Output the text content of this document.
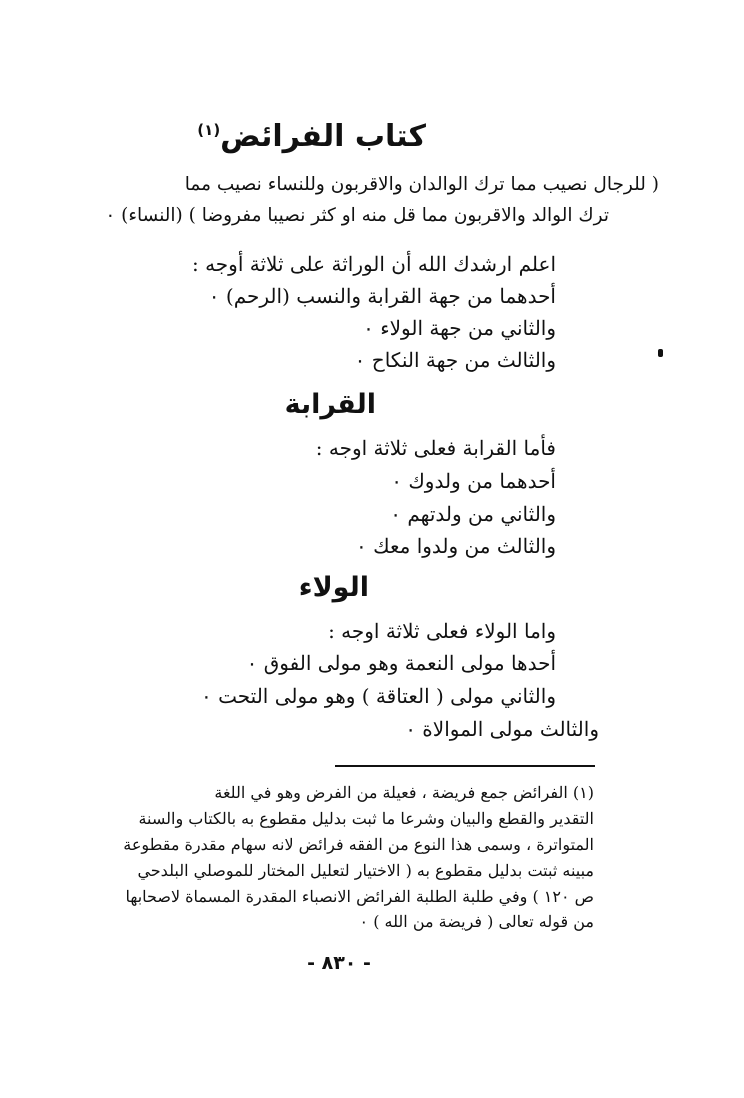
كتاب الفرائض$^{(١)}$
( للرجال نصيب مما ترك الوالدان والاقربون وللنساء نصيب مما
ترك الوالد والاقربون مما قل منه او كثر نصيبا مفروضا ) (النساء) ٠
اعلم ارشدك الله أن الوراثة على ثلاثة أوجه :
أحدهما من جهة القرابة والنسب (الرحم) ٠
والثاني من جهة الولاء ٠
والثالث من جهة النكاح ٠
القرابة
فأما القرابة فعلى ثلاثة اوجه :
أحدهما من ولدوك ٠
والثاني من ولدتهم ٠
والثالث من ولدوا معك ٠
الولاء
واما الولاء فعلى ثلاثة اوجه :
أحدها مولى النعمة وهو مولى الفوق ٠
والثاني مولى ( العتاقة ) وهو مولى التحت ٠
والثالث مولى الموالاة ٠
(١) الفرائض جمع فريضة ، فعيلة من الفرض وهو في اللغة
التقدير والقطع والبيان وشرعا ما ثبت بدليل مقطوع به بالكتاب والسنة
المتواترة ، وسمى هذا النوع من الفقه فرائض لانه سهام مقدرة مقطوعة
مبينه ثبتت بدليل مقطوع به ( الاختيار لتعليل المختار للموصلي البلدحي
ص ١٢٠ ) وفي طلبة الطلبة الفرائض الانصباء المقدرة المسماة لاصحابها
من قوله تعالى ( فريضة من الله ) ٠
- ٨٣٠ -
